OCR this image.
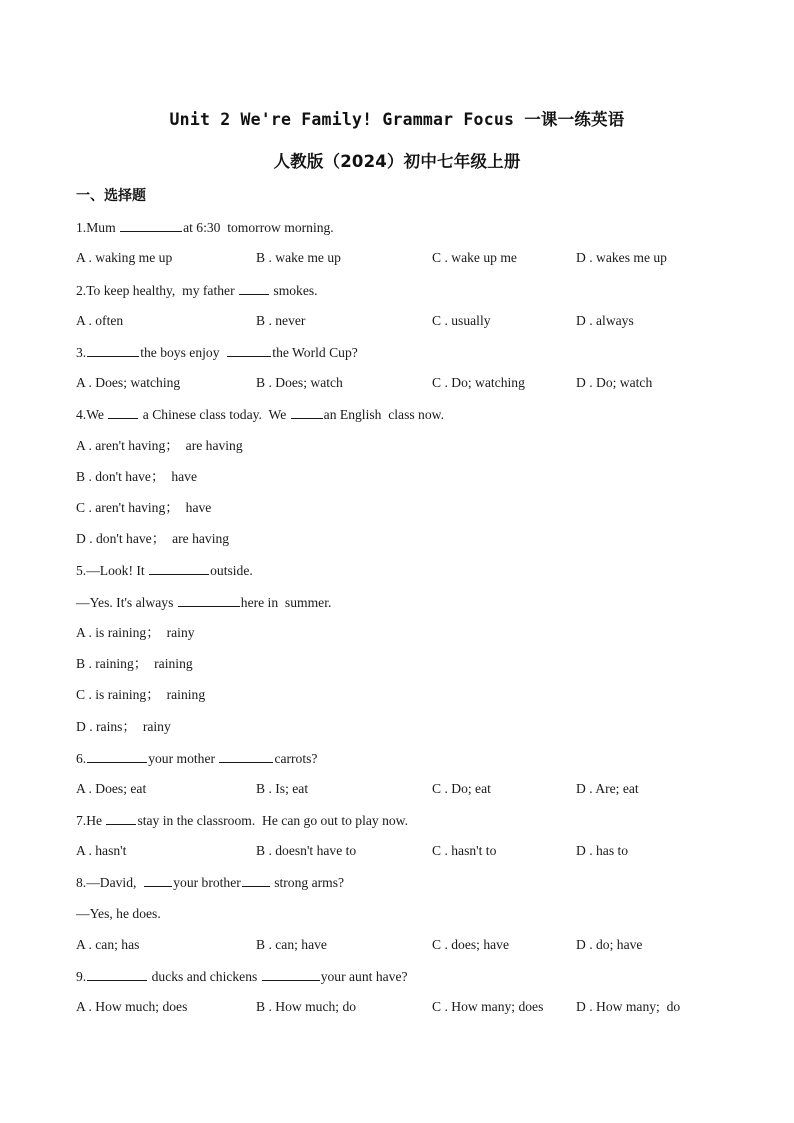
Unit 2 We're Family! Grammar Focus 一课一练英语
人教版（2024）初中七年级上册
一、选择题
1.Mum	at 6:30  tomorrow morning.
A . waking me up	B . wake me up	C . wake up me	D . wakes me up
2.To keep healthy,  my father  smokes.
A . often	B . never	C . usually	D . always
3.	the boys enjoy	the World Cup?
A . Does; watching	B . Does; watch	C . Do; watching	D . Do; watch
4.We  a Chinese class today.  We	an English  class now.
A . aren't having；  are having
B . don't have；  have
C . aren't having；  have
D . don't have；  are having
5.—Look! It	outside.
—Yes. It's always	here in  summer.
A . is raining；  rainy
B . raining；  raining
C . is raining；  raining
D . rains；  rainy
6.	your mother	carrots?
A . Does; eat	B . Is; eat	C . Do; eat	D . Are; eat
7.He stay in the classroom.  He can go out to play now.
A . hasn't	B . doesn't have to	C . hasn't to	D . has to
8.—David,  your brother strong arms?
—Yes, he does.
A . can; has	B . can; have	C . does; have	D . do; have
9.	ducks and chickens	your aunt have?
A . How much; does	B . How much; do	C . How many; does D . How many;  do
